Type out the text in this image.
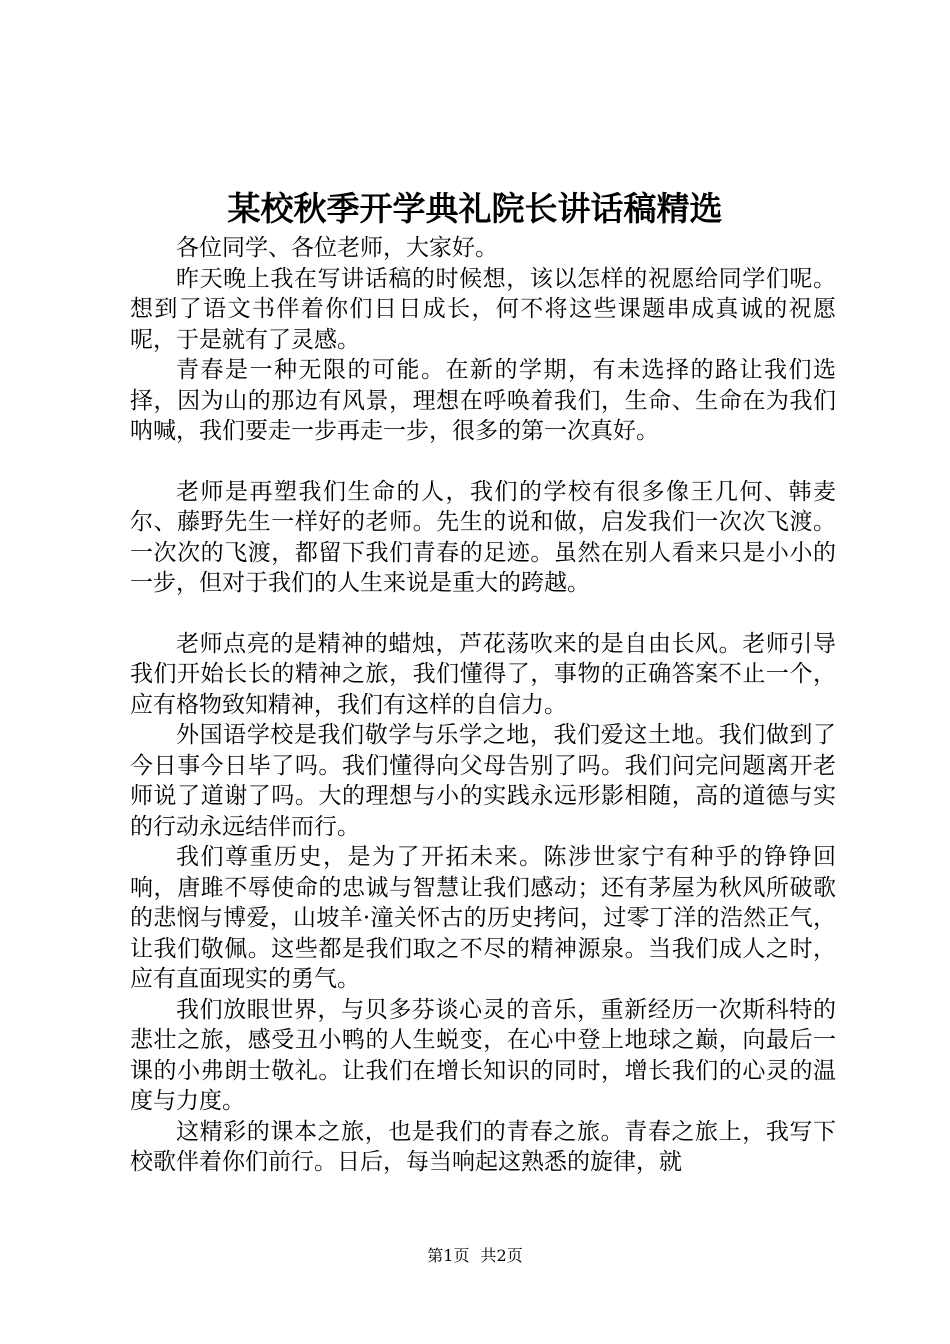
某校秋季开学典礼院长讲话稿精选

各位同学、各位老师，大家好。

昨天晚上我在写讲话稿的时候想，该以怎样的祝愿给同学们呢。想到了语文书伴着你们日日成长，何不将这些课题串成真诚的祝愿呢，于是就有了灵感。

青春是一种无限的可能。在新的学期，有未选择的路让我们选择，因为山的那边有风景，理想在呼唤着我们，生命、生命在为我们呐喊，我们要走一步再走一步，很多的第一次真好。

老师是再塑我们生命的人，我们的学校有很多像王几何、韩麦尔、藤野先生一样好的老师。先生的说和做，启发我们一次次飞渡。一次次的飞渡，都留下我们青春的足迹。虽然在别人看来只是小小的一步，但对于我们的人生来说是重大的跨越。

老师点亮的是精神的蜡烛，芦花荡吹来的是自由长风。老师引导我们开始长长的精神之旅，我们懂得了，事物的正确答案不止一个，应有格物致知精神，我们有这样的自信力。

外国语学校是我们敬学与乐学之地，我们爱这土地。我们做到了今日事今日毕了吗。我们懂得向父母告别了吗。我们问完问题离开老师说了道谢了吗。大的理想与小的实践永远形影相随，高的道德与实的行动永远结伴而行。

我们尊重历史，是为了开拓未来。陈涉世家宁有种乎的铮铮回响，唐雎不辱使命的忠诚与智慧让我们感动；还有茅屋为秋风所破歌的悲悯与博爱，山坡羊·潼关怀古的历史拷问，过零丁洋的浩然正气，让我们敬佩。这些都是我们取之不尽的精神源泉。当我们成人之时，应有直面现实的勇气。

我们放眼世界，与贝多芬谈心灵的音乐，重新经历一次斯科特的悲壮之旅，感受丑小鸭的人生蜕变，在心中登上地球之巅，向最后一课的小弗朗士敬礼。让我们在增长知识的同时，增长我们的心灵的温度与力度。

这精彩的课本之旅，也是我们的青春之旅。青春之旅上，我写下校歌伴着你们前行。日后，每当响起这熟悉的旋律，就

第1页 共2页
